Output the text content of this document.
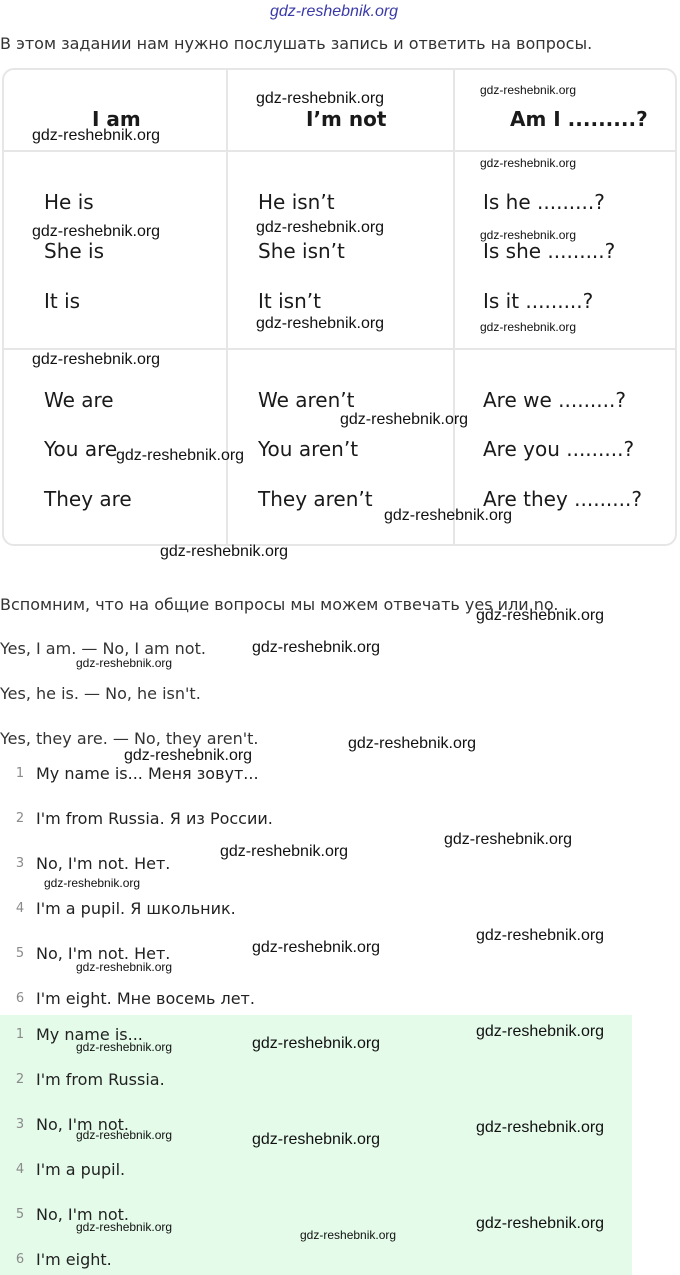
gdz-reshebnik.org
В этом задании нам нужно послушать запись и ответить на вопросы.
I am	I’m not	Am I .........?
He is	He isn’t	Is he .........?
She is	She isn’t	Is she .........?
It is	It isn’t	Is it .........?
We are	We aren’t	Are we .........?
You are	You aren’t	Are you .........?
They are	They aren’t	Are they .........?
gdz-reshebnik.org	gdz-reshebnik.org
gdz-reshebnik.org
gdz-reshebnik.org
gdz-reshebnik.org	gdz-reshebnik.org	gdz-reshebnik.org
gdz-reshebnik.org	gdz-reshebnik.org
gdz-reshebnik.org
gdz-reshebnik.org
gdz-reshebnik.org
gdz-reshebnik.org
gdz-reshebnik.org
Вспомним, что на общие вопросы мы можем отвечать yes или no.
gdz-reshebnik.org
Yes, I am. — No, I am not.	gdz-reshebnik.org
gdz-reshebnik.org
Yes, he is. — No, he isn't.
Yes, they are. — No, they aren't.	gdz-reshebnik.org
gdz-reshebnik.org
1 My name is... Меня зовут...
2 I'm from Russia. Я из России.
3 No, I'm not. Нет.
4 I'm a pupil. Я школьник.
5 No, I'm not. Нет.
6 I'm eight. Мне восемь лет.
gdz-reshebnik.org
gdz-reshebnik.org
gdz-reshebnik.org
gdz-reshebnik.org
gdz-reshebnik.org
gdz-reshebnik.org
1 My name is...
2 I'm from Russia.
3 No, I'm not.
4 I'm a pupil.
5 No, I'm not.
6 I'm eight.
gdz-reshebnik.org
gdz-reshebnik.org
gdz-reshebnik.org
gdz-reshebnik.org
gdz-reshebnik.org
gdz-reshebnik.org
gdz-reshebnik.org
gdz-reshebnik.org
gdz-reshebnik.org
